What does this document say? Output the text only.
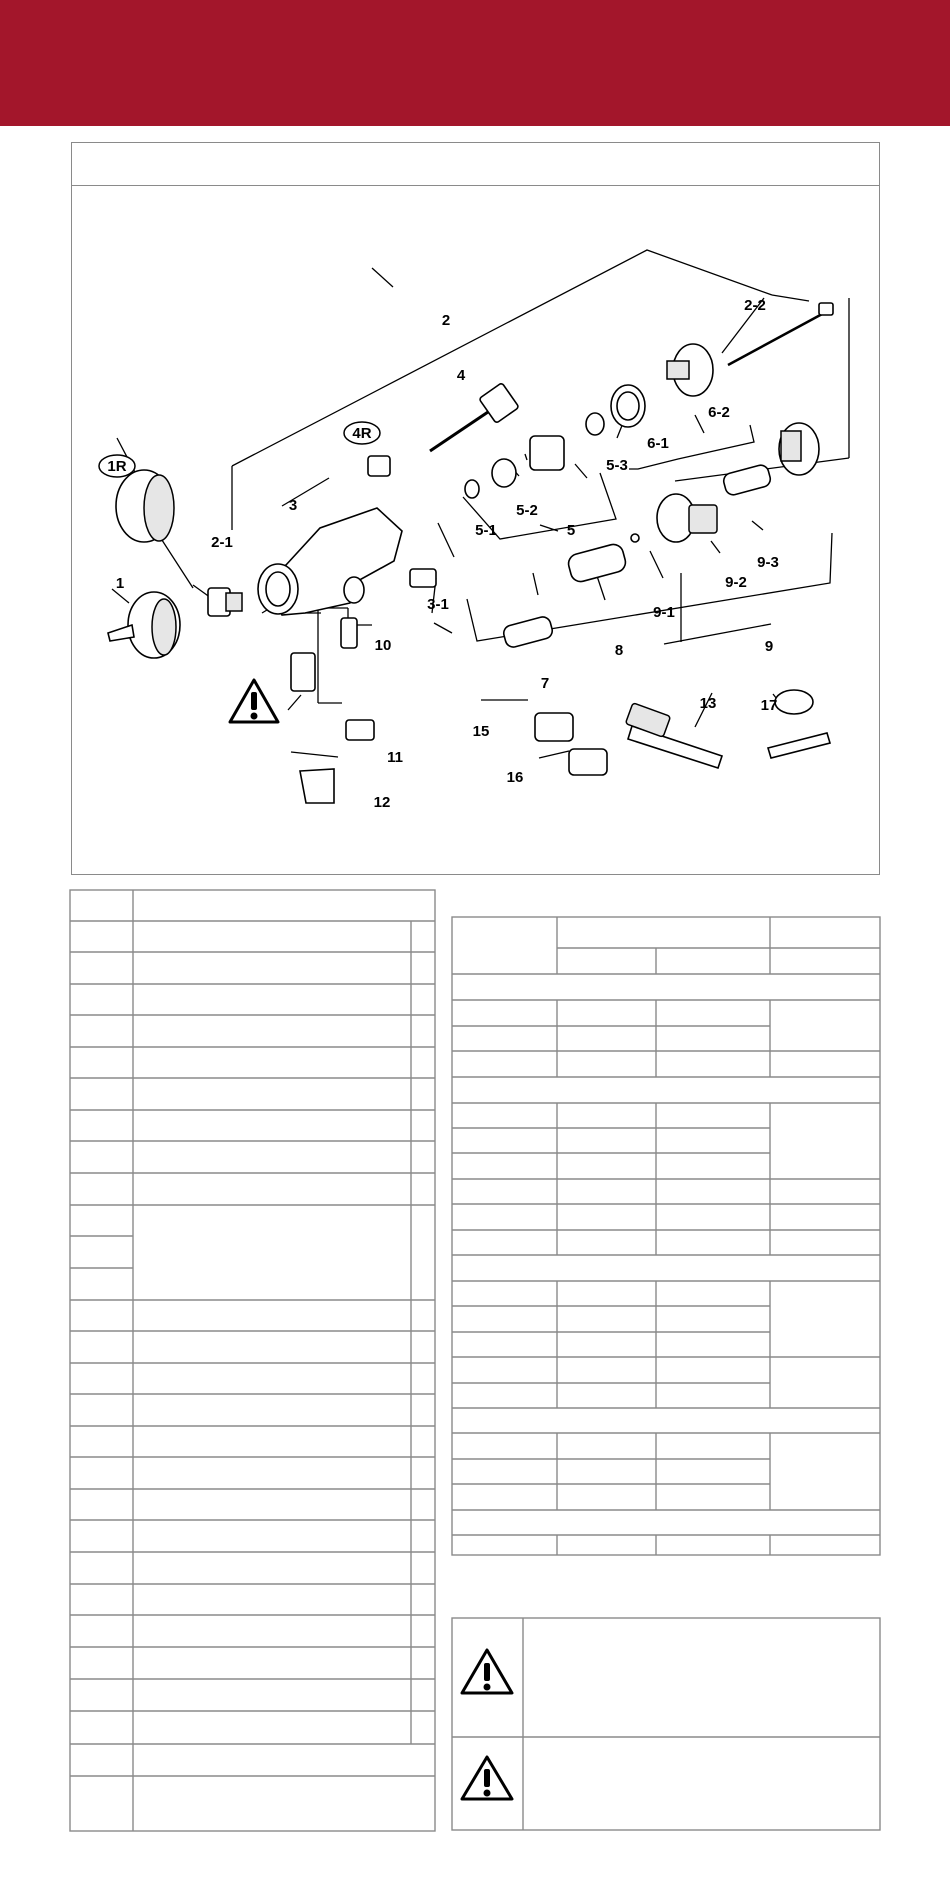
1R
4R
1
2
2-1
2-2
3
3-1
4
5
5-1
5-2
5-3
6-1
6-2
7
8	9
9-1
9-2
9-3
10
11
12
13
15
16
17
